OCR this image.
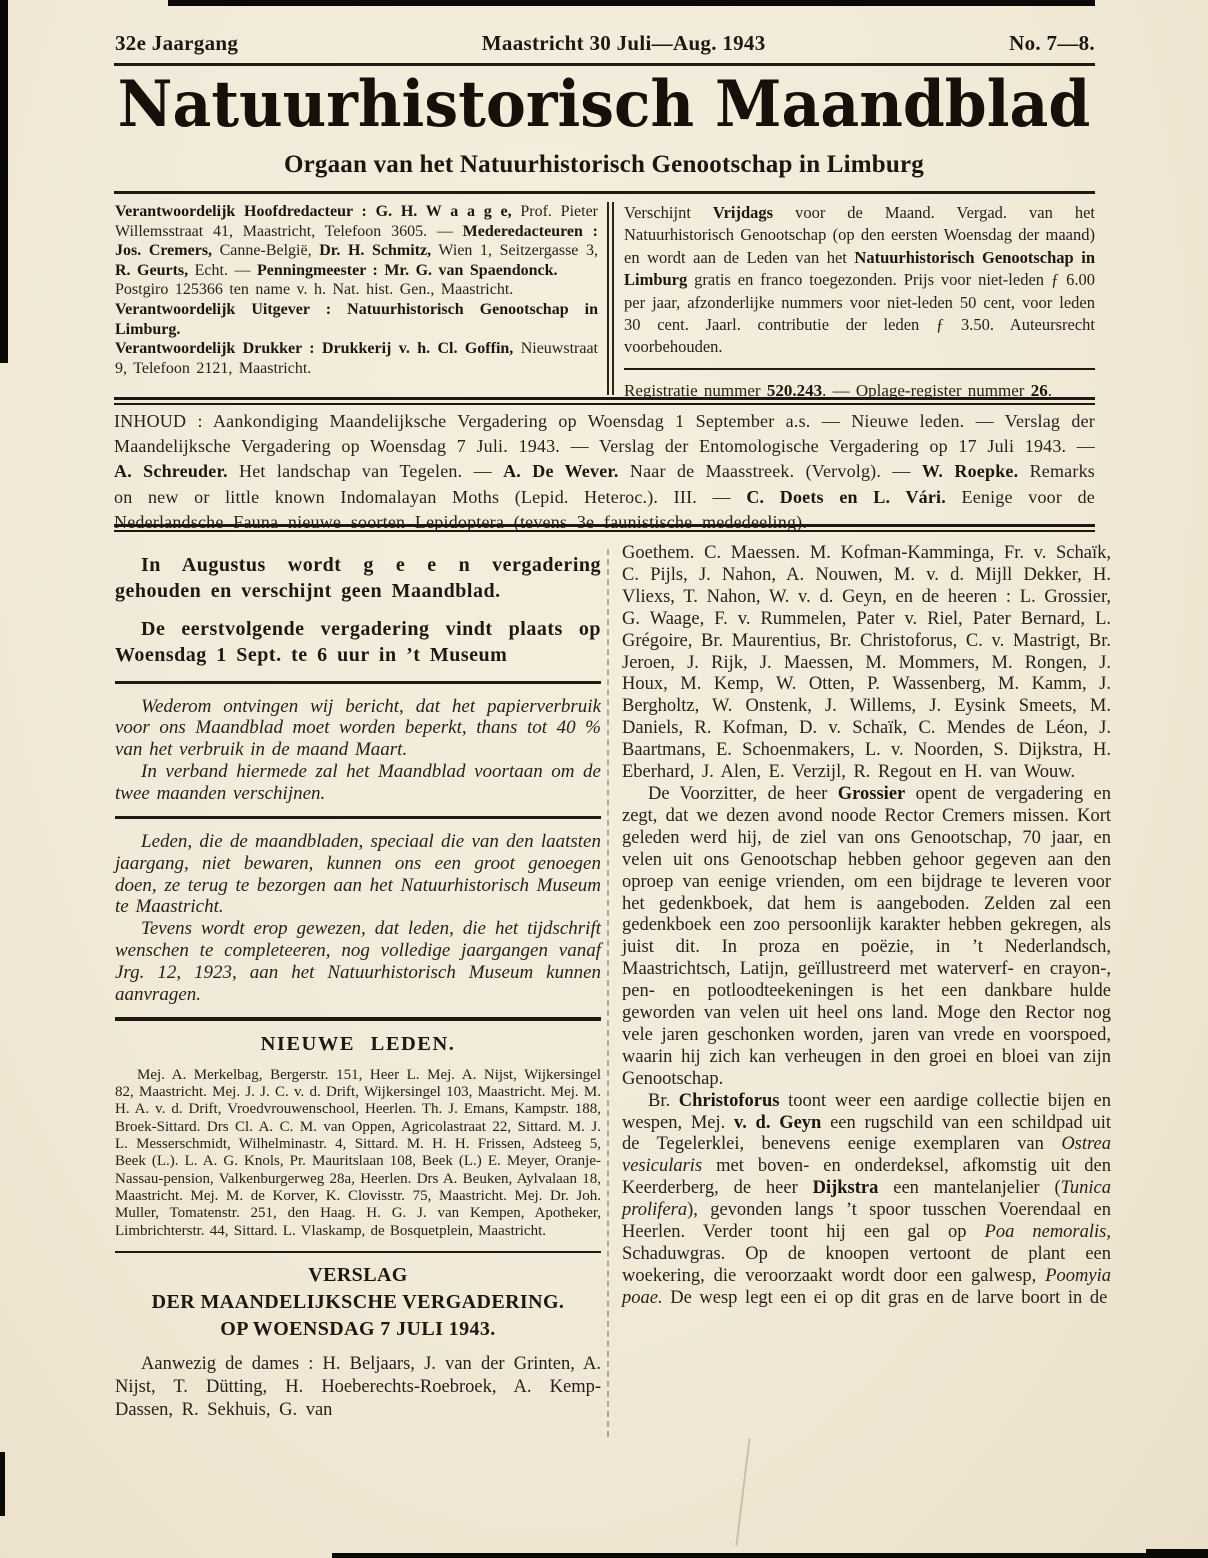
32e Jaargang	Maastricht 30 Juli—Aug. 1943	No. 7—8.
Natuurhistorisch Maandblad
Orgaan van het Natuurhistorisch Genootschap in Limburg

Verantwoordelijk Hoofdredacteur : G. H. W a a g e, Prof. Pieter Willemsstraat 41, Maastricht, Telefoon 3605. — Mederedacteuren : Jos. Cremers, Canne-België, Dr. H. Schmitz, Wien 1, Seitzergasse 3, R. Geurts, Echt. — Penningmeester : Mr. G. van Spaendonck.

Postgiro 125366 ten name v. h. Nat. hist. Gen., Maastricht.

Verantwoordelijk Uitgever : Natuurhistorisch Genootschap in Limburg.

Verantwoordelijk Drukker : Drukkerij v. h. Cl. Goffin, Nieuwstraat 9, Telefoon 2121, Maastricht.

Verschijnt Vrijdags voor de Maand. Vergad. van het Natuurhistorisch Genootschap (op den eersten Woensdag der maand) en wordt aan de Leden van het Natuurhistorisch Genootschap in Limburg gratis en franco toegezonden. Prijs voor niet-leden ƒ 6.00 per jaar, afzonderlijke nummers voor niet-leden 50 cent, voor leden 30 cent. Jaarl. contributie der leden ƒ 3.50. Auteursrecht voorbehouden.

Registratie nummer 520.243. — Oplage-register nummer 26.

INHOUD : Aankondiging Maandelijksche Vergadering op Woensdag 1 September a.s. — Nieuwe leden. — Verslag der Maandelijksche Vergadering op Woensdag 7 Juli. 1943. — Verslag der Entomologische Vergadering op 17 Juli 1943. — A. Schreuder. Het landschap van Tegelen. — A. De Wever. Naar de Maasstreek. (Vervolg). — W. Roepke. Remarks on new or little known Indomalayan Moths (Lepid. Heteroc.). III. — C. Doets en L. Vári. Eenige voor de Nederlandsche Fauna nieuwe soorten Lepidoptera (tevens 3e faunistische mededeeling).

In Augustus wordt g e e n vergadering gehouden en verschijnt geen Maandblad.

De eerstvolgende vergadering vindt plaats op Woensdag 1 Sept. te 6 uur in ’t Museum

Wederom ontvingen wij bericht, dat het papierverbruik voor ons Maandblad moet worden beperkt, thans tot 40 % van het verbruik in de maand Maart.

In verband hiermede zal het Maandblad voortaan om de twee maanden verschijnen.

Leden, die de maandbladen, speciaal die van den laatsten jaargang, niet bewaren, kunnen ons een groot genoegen doen, ze terug te bezorgen aan het Natuurhistorisch Museum te Maastricht.

Tevens wordt erop gewezen, dat leden, die het tijdschrift wenschen te completeeren, nog volledige jaargangen vanaf Jrg. 12, 1923, aan het Natuurhistorisch Museum kunnen aanvragen.

NIEUWE LEDEN.

Mej. A. Merkelbag, Bergerstr. 151, Heer L. Mej. A. Nijst, Wijkersingel 82, Maastricht. Mej. J. J. C. v. d. Drift, Wijkersingel 103, Maastricht. Mej. M. H. A. v. d. Drift, Vroedvrouwenschool, Heerlen. Th. J. Emans, Kampstr. 188, Broek-Sittard. Drs Cl. A. C. M. van Oppen, Agricolastraat 22, Sittard. M. J. L. Messerschmidt, Wilhelminastr. 4, Sittard. M. H. H. Frissen, Adsteeg 5, Beek (L.). L. A. G. Knols, Pr. Mauritslaan 108, Beek (L.) E. Meyer, Oranje-Nassau-pension, Valkenburgerweg 28a, Heerlen. Drs A. Beuken, Aylvalaan 18, Maastricht. Mej. M. de Korver, K. Clovisstr. 75, Maastricht. Mej. Dr. Joh. Muller, Tomatenstr. 251, den Haag. H. G. J. van Kempen, Apotheker, Limbrichterstr. 44, Sittard. L. Vlaskamp, de Bosquetplein, Maastricht.

VERSLAG
DER MAANDELIJKSCHE VERGADERING.
OP WOENSDAG 7 JULI 1943.

Aanwezig de dames : H. Beljaars, J. van der Grinten, A. Nijst, T. Dütting, H. Hoeberechts-Roebroek, A. Kemp-Dassen, R. Sekhuis, G. van

Goethem. C. Maessen. M. Kofman-Kamminga, Fr. v. Schaïk, C. Pijls, J. Nahon, A. Nouwen, M. v. d. Mijll Dekker, H. Vliexs, T. Nahon, W. v. d. Geyn, en de heeren : L. Grossier, G. Waage, F. v. Rummelen, Pater v. Riel, Pater Bernard, L. Grégoire, Br. Maurentius, Br. Christoforus, C. v. Mastrigt, Br. Jeroen, J. Rijk, J. Maessen, M. Mommers, M. Rongen, J. Houx, M. Kemp, W. Otten, P. Wassenberg, M. Kamm, J. Bergholtz, W. Onstenk, J. Willems, J. Eysink Smeets, M. Daniels, R. Kofman, D. v. Schaïk, C. Mendes de Léon, J. Baartmans, E. Schoenmakers, L. v. Noorden, S. Dijkstra, H. Eberhard, J. Alen, E. Verzijl, R. Regout en H. van Wouw.

De Voorzitter, de heer Grossier opent de vergadering en zegt, dat we dezen avond noode Rector Cremers missen. Kort geleden werd hij, de ziel van ons Genootschap, 70 jaar, en velen uit ons Genootschap hebben gehoor gegeven aan den oproep van eenige vrienden, om een bijdrage te leveren voor het gedenkboek, dat hem is aangeboden. Zelden zal een gedenkboek een zoo persoonlijk karakter hebben gekregen, als juist dit. In proza en poëzie, in ’t Nederlandsch, Maastrichtsch, Latijn, geïllustreerd met waterverf- en crayon-, pen- en potloodteekeningen is het een dankbare hulde geworden van velen uit heel ons land. Moge den Rector nog vele jaren geschonken worden, jaren van vrede en voorspoed, waarin hij zich kan verheugen in den groei en bloei van zijn Genootschap.

Br. Christoforus toont weer een aardige collectie bijen en wespen, Mej. v. d. Geyn een rugschild van een schildpad uit de Tegelerklei, benevens eenige exemplaren van Ostrea vesicularis met boven- en onderdeksel, afkomstig uit den Keerderberg, de heer Dijkstra een mantelanjelier (Tunica prolifera), gevonden langs ’t spoor tusschen Voerendaal en Heerlen. Verder toont hij een gal op Poa nemoralis, Schaduwgras. Op de knoopen vertoont de plant een woekering, die veroorzaakt wordt door een galwesp, Poomyia poae. De wesp legt een ei op dit gras en de larve boort in de
